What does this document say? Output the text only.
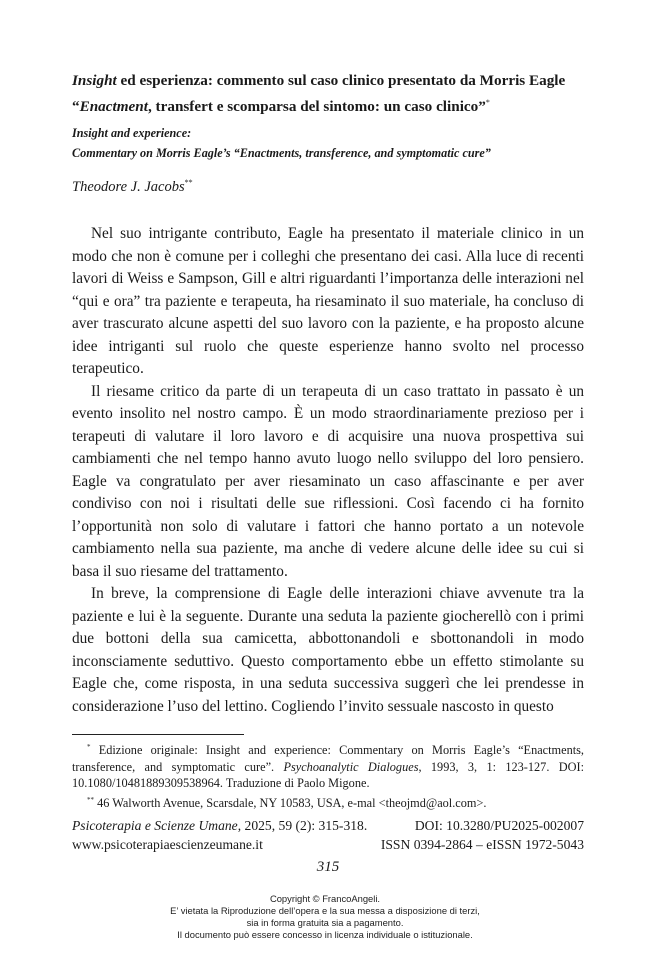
Insight ed esperienza: commento sul caso clinico presentato da Morris Eagle
“Enactment, transfert e scomparsa del sintomo: un caso clinico”*
Insight and experience:
Commentary on Morris Eagle’s “Enactments, transference, and symptomatic cure”
Theodore J. Jacobs**

Nel suo intrigante contributo, Eagle ha presentato il materiale clinico in un modo che non è comune per i colleghi che presentano dei casi. Alla luce di recenti lavori di Weiss e Sampson, Gill e altri riguardanti l’importanza delle interazioni nel “qui e ora” tra paziente e terapeuta, ha riesaminato il suo materiale, ha concluso di aver trascurato alcune aspetti del suo lavoro con la paziente, e ha proposto alcune idee intriganti sul ruolo che queste esperienze hanno svolto nel processo terapeutico.

Il riesame critico da parte di un terapeuta di un caso trattato in passato è un evento insolito nel nostro campo. È un modo straordinariamente prezioso per i terapeuti di valutare il loro lavoro e di acquisire una nuova prospettiva sui cambiamenti che nel tempo hanno avuto luogo nello sviluppo del loro pensiero. Eagle va congratulato per aver riesaminato un caso affascinante e per aver condiviso con noi i risultati delle sue riflessioni. Così facendo ci ha fornito l’opportunità non solo di valutare i fattori che hanno portato a un notevole cambiamento nella sua paziente, ma anche di vedere alcune delle idee su cui si basa il suo riesame del trattamento.

In breve, la comprensione di Eagle delle interazioni chiave avvenute tra la paziente e lui è la seguente. Durante una seduta la paziente giocherellò con i primi due bottoni della sua camicetta, abbottonandoli e sbottonandoli in modo inconsciamente seduttivo. Questo comportamento ebbe un effetto stimolante su Eagle che, come risposta, in una seduta successiva suggerì che lei prendesse in considerazione l’uso del lettino. Cogliendo l’invito sessuale nascosto in questo

* Edizione originale: Insight and experience: Commentary on Morris Eagle’s “Enactments, transference, and symptomatic cure”. Psychoanalytic Dialogues, 1993, 3, 1: 123-127. DOI: 10.1080/10481889309538964. Traduzione di Paolo Migone.

** 46 Walworth Avenue, Scarsdale, NY 10583, USA, e-mal <theojmd@aol.com>.

Psicoterapia e Scienze Umane, 2025, 59 (2): 315-318.	DOI: 10.3280/PU2025-002007
www.psicoterapiaescienzeumane.it	ISSN 0394-2864 – eISSN 1972-5043
315
Copyright © FrancoAngeli.
E’ vietata la Riproduzione dell’opera e la sua messa a disposizione di terzi,
sia in forma gratuita sia a pagamento.
Il documento può essere concesso in licenza individuale o istituzionale.
